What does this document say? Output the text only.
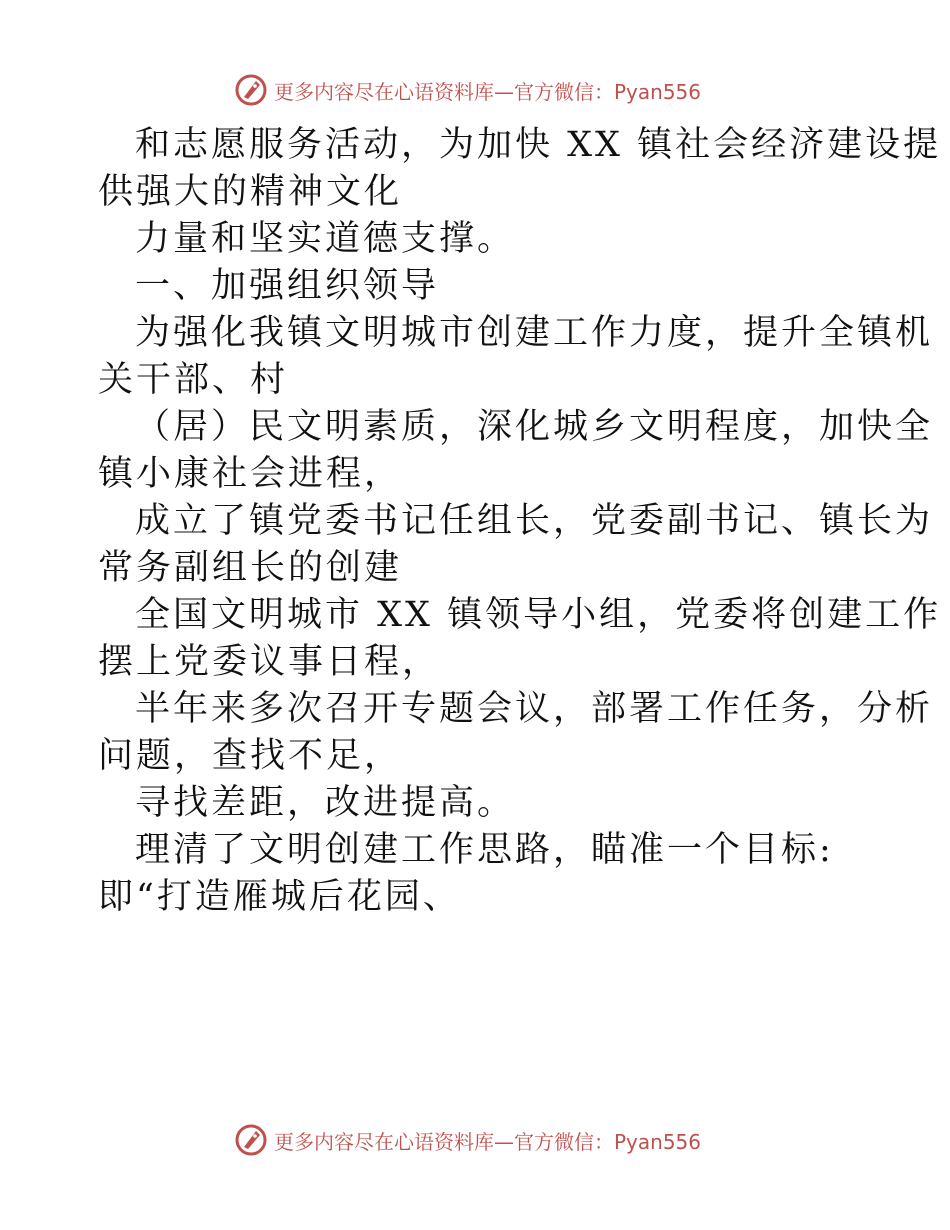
更多内容尽在心语资料库—官方微信：Pyan556

和志愿服务活动，为加快 XX 镇社会经济建设提

供强大的精神文化

力量和坚实道德支撑。

一、加强组织领导

为强化我镇文明城市创建工作力度，提升全镇机

关干部、村

（居）民文明素质，深化城乡文明程度，加快全

镇小康社会进程，

成立了镇党委书记任组长，党委副书记、镇长为

常务副组长的创建

全国文明城市 XX 镇领导小组，党委将创建工作

摆上党委议事日程，

半年来多次召开专题会议，部署工作任务，分析

问题，查找不足，

寻找差距，改进提高。

理清了文明创建工作思路，瞄准一个目标:

即“打造雁城后花园、

更多内容尽在心语资料库—官方微信：Pyan556
